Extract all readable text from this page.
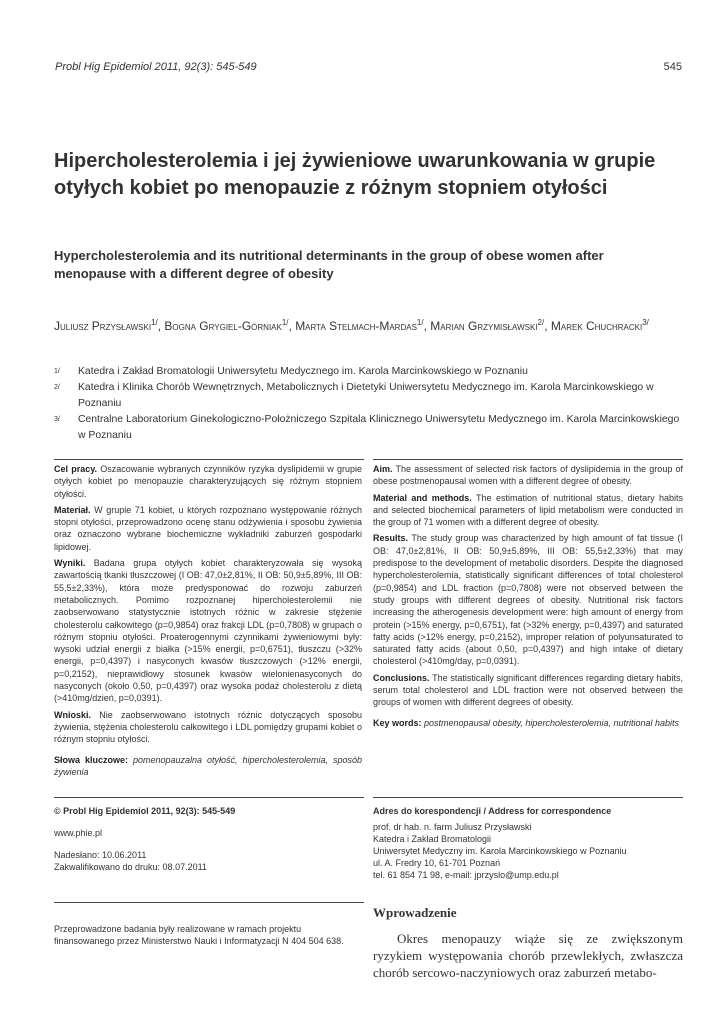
Probl Hig Epidemiol 2011, 92(3): 545-549	545
Hipercholesterolemia i jej żywieniowe uwarunkowania w grupie otyłych kobiet po menopauzie z różnym stopniem otyłości
Hypercholesterolemia and its nutritional determinants in the group of obese women after menopause with a different degree of obesity
Juliusz Przysławski$^{1/}$, Bogna Grygiel-Górniak$^{1/}$, Marta Stelmach-Mardas$^{1/}$, Marian Grzymisławski$^{2/}$, Marek Chuchracki$^{3/}$
1/ Katedra i Zakład Bromatologii Uniwersytetu Medycznego im. Karola Marcinkowskiego w Poznaniu
2/ Katedra i Klinika Chorób Wewnętrznych, Metabolicznych i Dietetyki Uniwersytetu Medycznego im. Karola Marcinkowskiego w Poznaniu
3/ Centralne Laboratorium Ginekologiczno-Położniczego Szpitala Klinicznego Uniwersytetu Medycznego im. Karola Marcinkowskiego w Poznaniu

Cel pracy. Oszacowanie wybranych czynników ryzyka dyslipidemii w grupie otyłych kobiet po menopauzie charakteryzujących się różnym stopniem otyłości.

Materiał. W grupie 71 kobiet, u których rozpoznano występowanie różnych stopni otyłości, przeprowadzono ocenę stanu odżywienia i sposobu żywienia oraz oznaczono wybrane biochemiczne wykładniki zaburzeń gospodarki lipidowej.

Wyniki. Badana grupa otyłych kobiet charakteryzowała się wysoką zawartością tkanki tłuszczowej (I OB: 47,0±2,81%, II OB: 50,9±5,89%, III OB: 55,5±2,33%), która może predysponować do rozwoju zaburzeń metabolicznych. Pomimo rozpoznanej hipercholesterolemii nie zaobserwowano statystycznie istotnych różnic w zakresie stężenie cholesterolu całkowitego (p=0,9854) oraz frakcji LDL (p=0,7808) w grupach o różnym stopniu otyłości. Proaterogennymi czynnikami żywieniowymi były: wysoki udział energii z białka (>15% energii, p=0,6751), tłuszczu (>32% energii, p=0,4397) i nasyconych kwasów tłuszczowych (>12% energii, p=0,2152), nieprawidłowy stosunek kwasów wielonienasyconych do nasyconych (około 0,50, p=0,4397) oraz wysoka podaż cholesterolu z dietą (>410mg/dzień, p=0,0391).

Wnioski. Nie zaobserwowano istotnych różnic dotyczących sposobu żywienia, stężenia cholesterolu całkowitego i LDL pomiędzy grupami kobiet o różnym stopniu otyłości.

Słowa kluczowe: pomenopauzalna otyłość, hipercholesterolemia, sposób żywienia

Aim. The assessment of selected risk factors of dyslipidemia in the group of obese postmenopausal women with a different degree of obesity.

Material and methods. The estimation of nutritional status, dietary habits and selected biochemical parameters of lipid metabolism were conducted in the group of 71 women with a different degree of obesity.

Results. The study group was characterized by high amount of fat tissue (I OB: 47,0±2,81%, II OB: 50,9±5,89%, III OB: 55,5±2,33%) that may predispose to the development of metabolic disorders. Despite the diagnosed hypercholesterolemia, statistically significant differences of total cholesterol (p=0,9854) and LDL fraction (p=0,7808) were not observed between the study groups with different degrees of obesity. Nutritional risk factors increasing the atherogenesis development were: high amount of energy from protein (>15% energy, p=0,6751), fat (>32% energy, p=0,4397) and saturated fatty acids (>12% energy, p=0,2152), improper relation of polyunsaturated to saturated fatty acids (about 0,50, p=0,4397) and high intake of dietary cholesterol (>410mg/day, p=0,0391).

Conclusions. The statistically significant differences regarding dietary habits, serum total cholesterol and LDL fraction were not observed between the groups of women with different degrees of obesity.

Key words: postmenopausal obesity, hipercholesterolemia, nutritional habits

© Probl Hig Epidemiol 2011, 92(3): 545-549
www.phie.pl
Nadesłano: 10.06.2011
Zakwalifikowano do druku: 08.07.2011
Adres do korespondencji / Address for correspondence
prof. dr hab. n. farm Juliusz Przysławski
Katedra i Zakład Bromatologii
Uniwersytet Medyczny im. Karola Marcinkowskiego w Poznaniu
ul. A. Fredry 10, 61-701 Poznań
tel. 61 854 71 98, e-mail: jprzyslo@ump.edu.pl
Przeprowadzone badania były realizowane w ramach projektu finansowanego przez Ministerstwo Nauki i Informatyzacji N 404 504 638.
Wprowadzenie
Okres menopauzy wiąże się ze zwiększonym ryzykiem występowania chorób przewlekłych, zwłaszcza chorób sercowo-naczyniowych oraz zaburzeń metabo-
